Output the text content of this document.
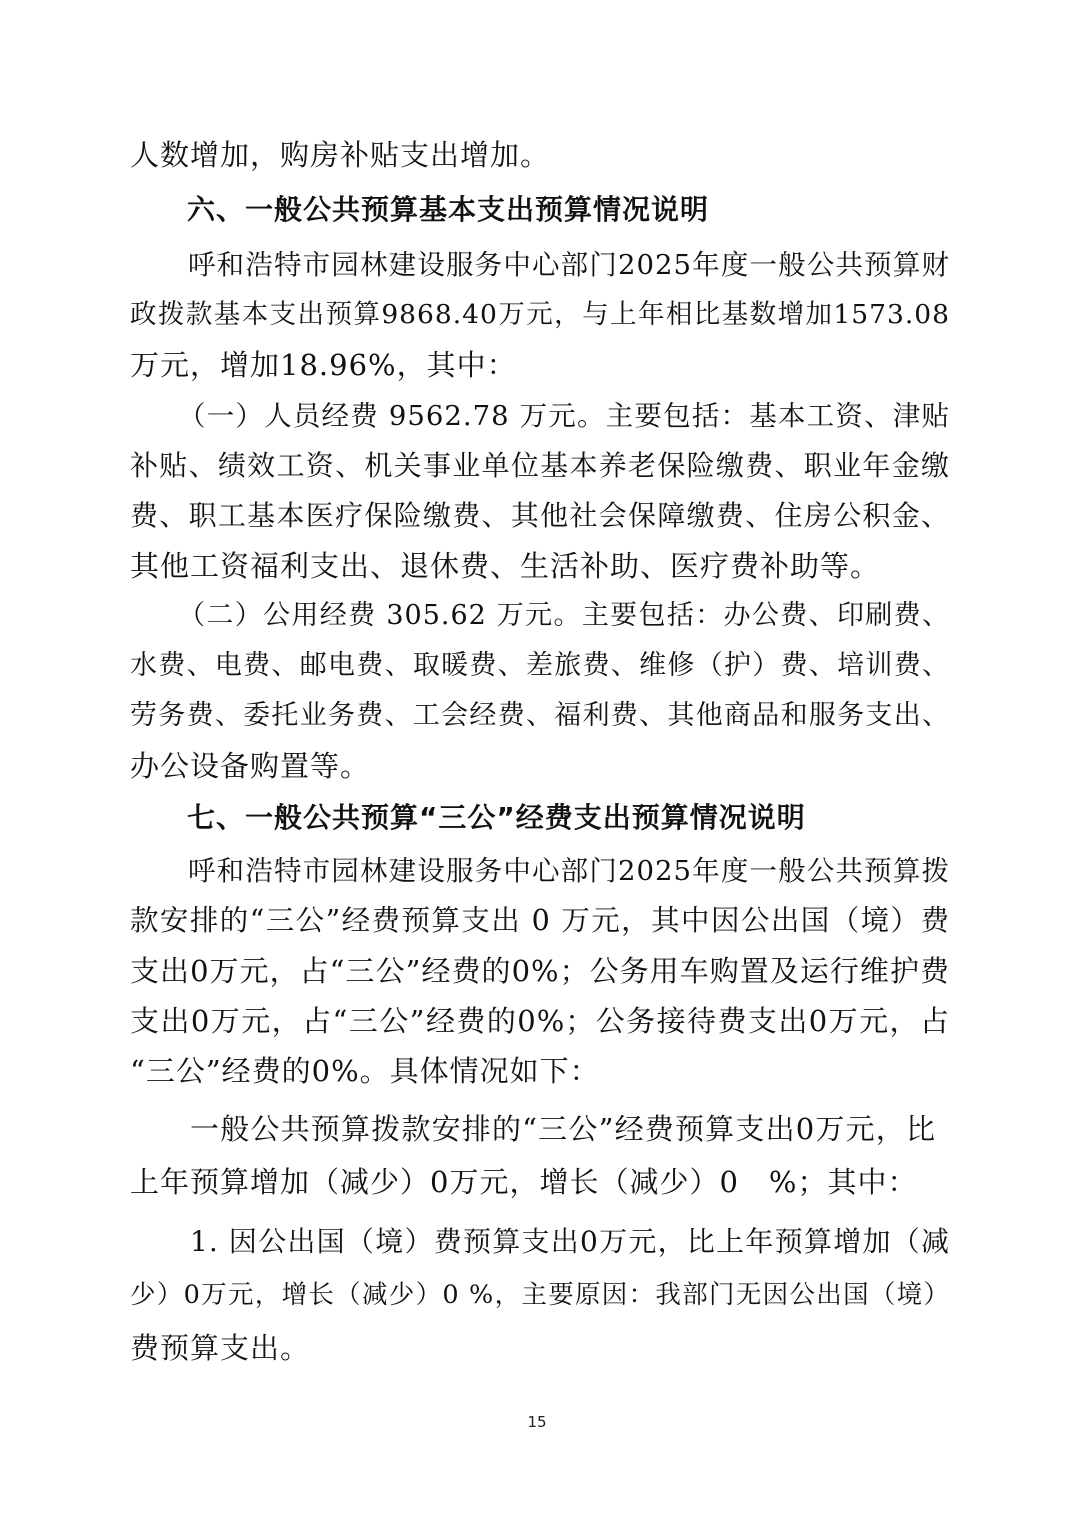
人数增加，购房补贴支出增加。
六、一般公共预算基本支出预算情况说明
呼和浩特市园林建设服务中心部门2025年度一般公共预算财
政拨款基本支出预算9868.40万元，与上年相比基数增加1573.08
万元，增加18.96%，其中：
（一）人员经费 9562.78 万元。主要包括：基本工资、津贴
补贴、绩效工资、机关事业单位基本养老保险缴费、职业年金缴
费、职工基本医疗保险缴费、其他社会保障缴费、住房公积金、
其他工资福利支出、退休费、生活补助、医疗费补助等。
（二）公用经费 305.62 万元。主要包括：办公费、印刷费、
水费、电费、邮电费、取暖费、差旅费、维修（护）费、培训费、
劳务费、委托业务费、工会经费、福利费、其他商品和服务支出、
办公设备购置等。
七、一般公共预算“三公”经费支出预算情况说明
呼和浩特市园林建设服务中心部门2025年度一般公共预算拨
款安排的“三公”经费预算支出 0 万元，其中因公出国（境）费
支出0万元，占“三公”经费的0%；公务用车购置及运行维护费
支出0万元，占“三公”经费的0%；公务接待费支出0万元，占
“三公”经费的0%。具体情况如下：
一般公共预算拨款安排的“三公”经费预算支出0万元，比
上年预算增加（减少）0万元，增长（减少）0　%；其中：
1. 因公出国（境）费预算支出0万元，比上年预算增加（减
少）0万元，增长（减少）0 %，主要原因：我部门无因公出国（境）
费预算支出。
15
